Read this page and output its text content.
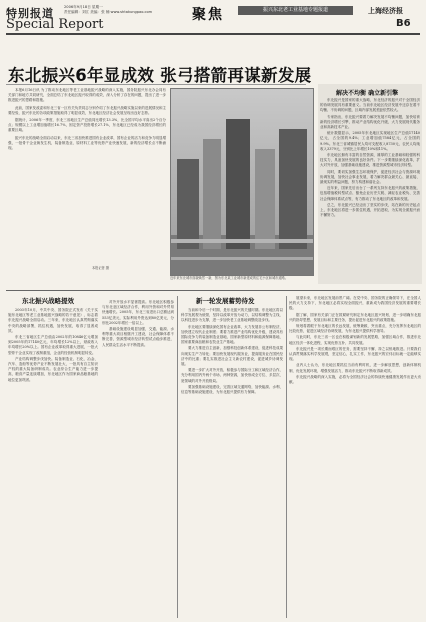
特别报道	2006年9月18日 星期一
责任编辑：刘江 美编：张 楠 www.shtakungpao.com
Special Report
聚焦	振兴东北老工业基地专题报道	上海经济报
B6
东北振兴6年显成效 张弓搭箭再谋新发展

本报6月16日讯 为了推动东北地区等老工业基地振兴战略的深入实施，国务院振兴东北办会同有关部门和地方共同研究，全面总结了东北地区振兴取得的成效，深入分析了存在的问题，提出了进一步推进振兴的思路和措施。

此前，国家发改委和东北三省一区有关负责同志分别介绍了东北振兴战略实施以来的进展情况和主要经验，振兴东北的各项政策措施取得了明显成效，东北地区经济社会发展呈现出良好态势。

据统计，2006年一季度，东北三省地区生产总值同比增长13.3%，比全国平均水平高出2个百分点；规模以上工业增加值增长16.7%，固定资产投资增长27.1%，东北地区已经成为我国经济增长的重要区域。

振兴东北的战略全面启动以来，东北三省加快推进国有企业改革，国有企业的活力和竞争力明显增强，一批骨干企业焕发生机，装备制造业、原材料工业等优势产业快速发展，新的经济增长点不断涌现。

本报记者 摄
近年来东北城市面貌焕然一新，图为东北某工业城市新建成的住宅小区和城市道路。
解决不均衡 确立新引擎

东北振兴是国家的重大战略，东北经济的振兴对于全国经济的协调发展具有重要意义。当前东北地区经济发展中还存在着不均衡、不协调的问题，区域内部发展差距依然较大。

专家指出，东北振兴要着力解决发展不均衡问题，加快培育新的经济增长引擎，推动产业结构优化升级，大力发展现代服务业和高新技术产业。

统计数据显示，2005年东北地区实现地区生产总值17140亿元，占全国的9.4%；工业增加值7584亿元，占全国的9.9%。东北三省城镇居民人均可支配收入8730元，农民人均纯收入3379元，分别比上年增长10%和11%。

东北地区拥有丰富的自然资源、雄厚的工业基础和较强的科技实力，具备加快发展的良好条件。下一步要继续深化改革，扩大对外开放，加强基础设施建设，推进资源型城市经济转型。

同时，要切实加强生态环境保护，促进经济社会与资源环境协调发展，加快社会事业发展，着力解决群众最关心、最直接、最现实的利益问题，努力构建和谐社会。

近年来，国家先后出台了一系列支持东北振兴的政策措施，包括增值税转型试点、豁免企业历史欠税、减轻农业税负、完善社会保障体系试点等，有力推动了东北地区的改革和发展。

总之，东北振兴已经迈出了坚实的步伐，站在新的历史起点上，东北地区将进一步抓住机遇，开拓进取，为实现全面振兴而不懈努力。

东北振兴战略提效

2003年10月，中共中央、国务院正式发布《关于实施东北地区等老工业基地振兴战略的若干意见》，标志着东北振兴战略全面启动。三年来，东北地区认真贯彻落实中央的战略部署，抓住机遇，加快发展，取得了显著成效。

东北三省地区生产总值由2002年的10846亿元增加到2005年的17140亿元，年均增长12%以上，财政收入年均增长20%以上。国有企业改革取得重大进展，一批大型骨干企业实现了改制重组，企业的经营机制明显转变。

产业结构调整步伐加快。装备制造业、石化、冶金、汽车、造船等优势产业不断发展壮大，一批具有自主知识产权的重大装备研制成功。农业综合生产能力进一步提高，粮食产量连续增加，东北地区作为国家商品粮基地的地位更加巩固。

对外开放水平显著提高。东北地区积极参与东北亚区域经济合作，利用外资和对外贸易快速增长。2005年，东北三省进出口总额达到553亿美元，实际利用外资达到80亿美元，分别比2002年增长一倍以上。

基础设施建设明显加强，交通、能源、水利等重大项目相继开工建设，社会保障体系不断完善，资源型城市经济转型试点稳步推进，人民群众生活水平不断提高。

新一轮发展蓄势待发

当前和今后一个时期，是东北振兴的关键时期。东北地区将以科学发展观为统领，坚持以改革开放为动力，以结构调整为主线，以科技进步为支撑，进一步加快老工业基地调整改造步伐。

东北地区要继续深化国有企业改革，大力发展非公有制经济，加快建立现代企业制度；要着力推进产业结构优化升级，建设具有国际竞争力的装备制造业基地、国家新型原材料和能源保障基地、国家重要商品粮和农牧业生产基地。

要大力推进自主创新，加强科技创新体系建设，促进科技成果向现实生产力转化；要加快发展现代服务业，提高服务业在国民经济中的比重；要扎实推进社会主义新农村建设，促进城乡协调发展。

要进一步扩大对外开放，积极参与国际分工和区域经济合作，充分利用国内外两个市场、两种资源，加快形成全方位、多层次、宽领域的对外开放格局。

要加强基础设施建设，完善区域交通网络，加快能源、水利、信息等基础设施建设，为东北振兴提供有力保障。

展望未来，东北地区发展前景广阔。在党中央、国务院的正确领导下，在全国人民的大力支持下，东北地区必将实现全面振兴，重新成为我国经济发展的重要增长极。

据了解，国家有关部门正在抓紧研究制定东北地区振兴规划，进一步明确东北振兴的指导思想、发展目标和主要任务，提出促进东北振兴的政策措施。

规划将着眼于东北地区的长远发展，统筹兼顾，突出重点，充分发挥东北地区的比较优势，促进区域经济协调发展，为东北振兴提供科学指导。

与此同时，东北三省一区也在积极谋划新的发展思路，加强区域合作，推进东北地区经济一体化进程，实现优势互补、共同发展。

东北振兴是一项长期而艰巨的任务，需要坚持不懈、持之以恒地推进。只要我们认真贯彻落实科学发展观，坚定信心，扎实工作，东北振兴的宏伟目标就一定能够实现。

业内人士认为，东北地区要抓住当前有利时机，进一步解放思想，创新体制机制，优化发展环境，增强发展活力，推动东北振兴不断取得新成效。

东北振兴战略的深入实施，必将为全国经济社会的持续快速健康发展作出更大贡献。
